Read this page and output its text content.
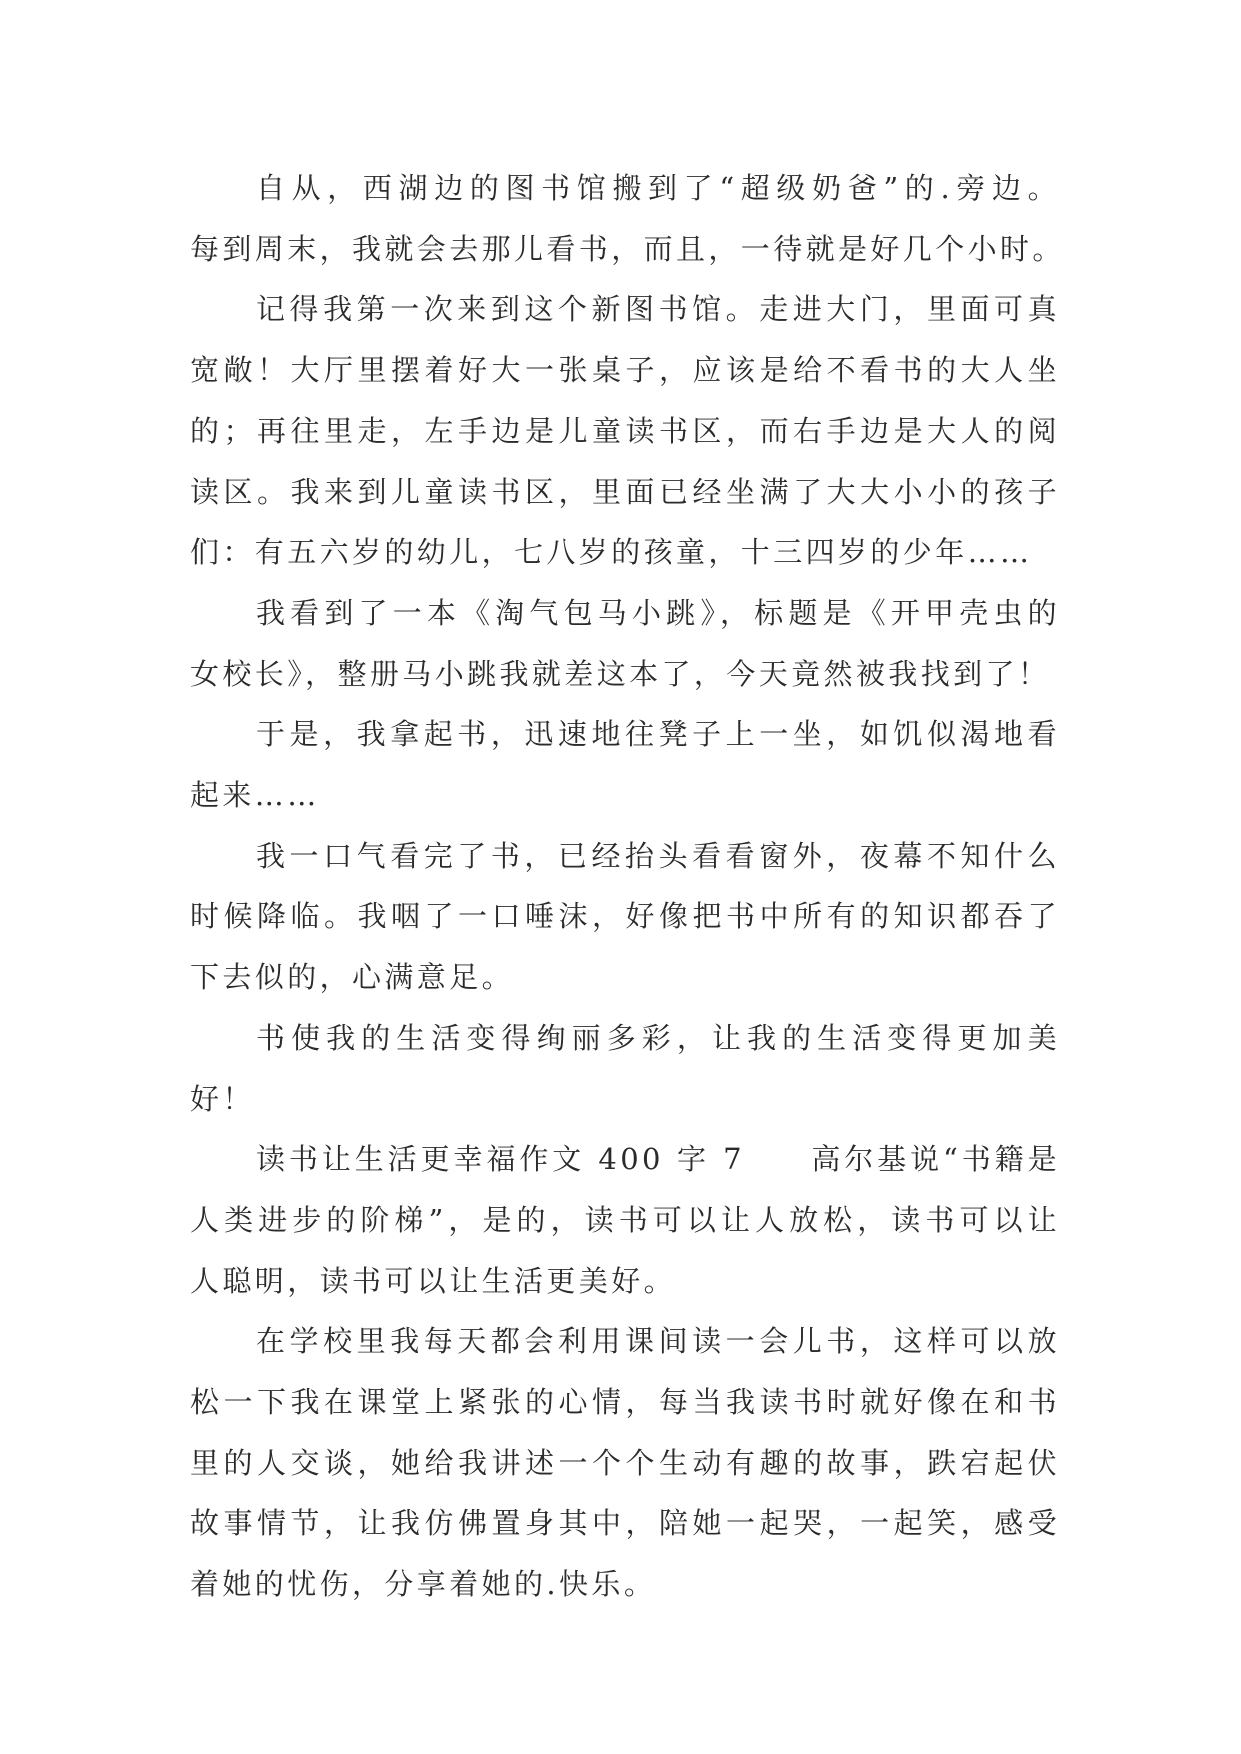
自从，西湖边的图书馆搬到了“超级奶爸”的.旁边。
每到周末，我就会去那儿看书，而且，一待就是好几个小时。

记得我第一次来到这个新图书馆。走进大门，里面可真
宽敞！大厅里摆着好大一张桌子，应该是给不看书的大人坐
的；再往里走，左手边是儿童读书区，而右手边是大人的阅
读区。我来到儿童读书区，里面已经坐满了大大小小的孩子
们：有五六岁的幼儿，七八岁的孩童，十三四岁的少年……

我看到了一本《淘气包马小跳》，标题是《开甲壳虫的
女校长》，整册马小跳我就差这本了，今天竟然被我找到了！

于是，我拿起书，迅速地往凳子上一坐，如饥似渴地看
起来……

我一口气看完了书，已经抬头看看窗外，夜幕不知什么
时候降临。我咽了一口唾沫，好像把书中所有的知识都吞了
下去似的，心满意足。

书使我的生活变得绚丽多彩，让我的生活变得更加美
好！

读书让生活更幸福作文 400 字 7　　高尔基说“书籍是
人类进步的阶梯”，是的，读书可以让人放松，读书可以让
人聪明，读书可以让生活更美好。

在学校里我每天都会利用课间读一会儿书，这样可以放
松一下我在课堂上紧张的心情，每当我读书时就好像在和书
里的人交谈，她给我讲述一个个生动有趣的故事，跌宕起伏
故事情节，让我仿佛置身其中，陪她一起哭，一起笑，感受
着她的忧伤，分享着她的.快乐。
